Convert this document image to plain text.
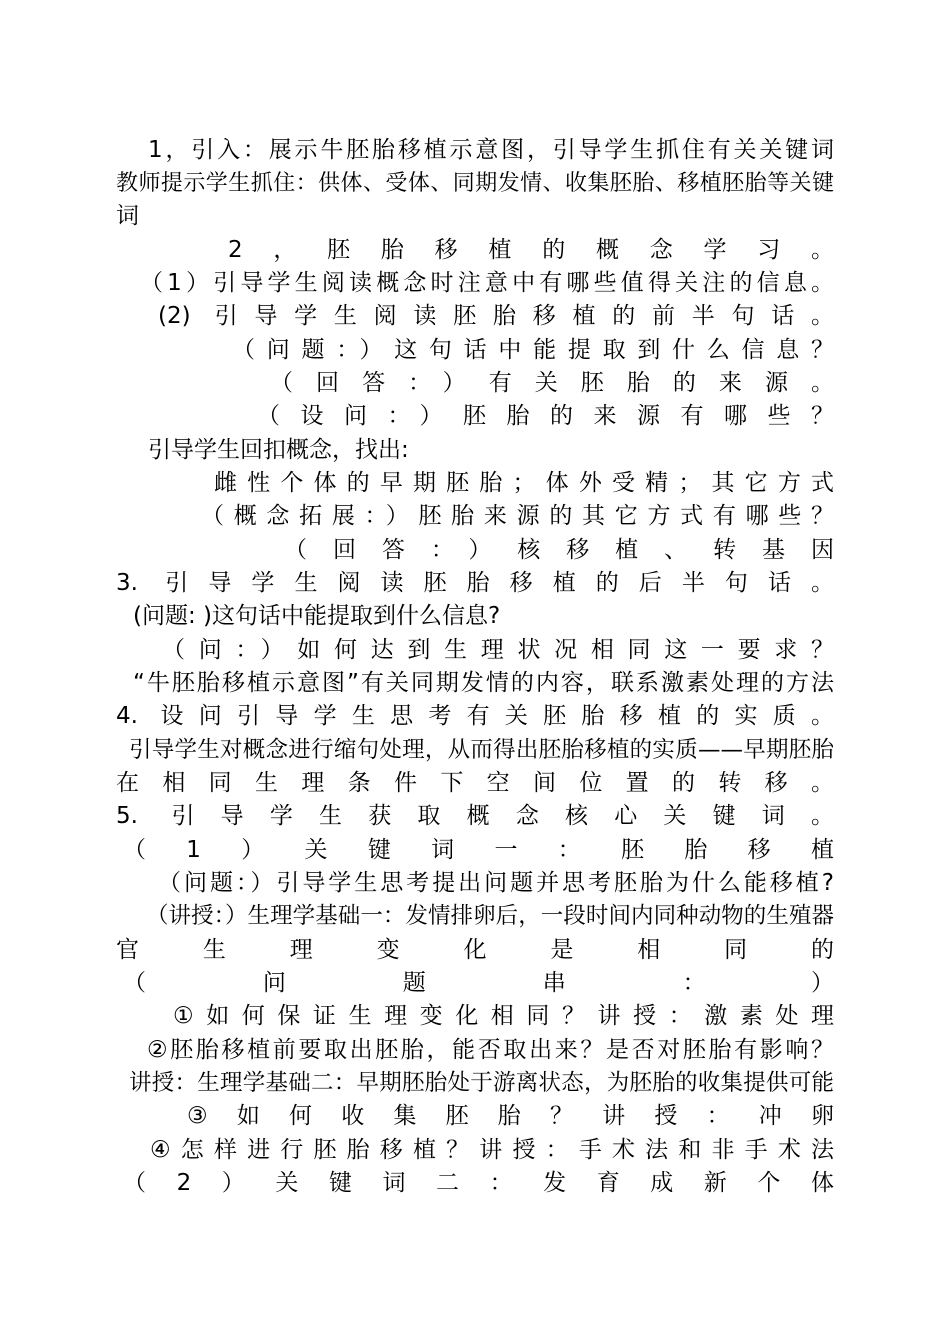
1，引入：展示牛胚胎移植示意图，引导学生抓住有关关键词
教师提示学生抓住：供体、受体、同期发情、收集胚胎、移植胚胎等关键
词
2，胚胎移植的概念学习。
（1）引导学生阅读概念时注意中有哪些值得关注的信息。
(2) 引导学生阅读胚胎移植的前半句话。
（问题：）这句话中能提取到什么信息？
（回答：）有关胚胎的来源。
（设问：）胚胎的来源有哪些？
引导学生回扣概念，找出:
雌性个体的早期胚胎；体外受精；其它方式
（概念拓展：）胚胎来源的其它方式有哪些？
（回答：）核移植、转基因
3. 引导学生阅读胚胎移植的后半句话。
(问题: )这句话中能提取到什么信息?
（问：）如何达到生理状况相同这一要求？
“牛胚胎移植示意图”有关同期发情的内容，联系激素处理的方法
4. 设问引导学生思考有关胚胎移植的实质。
引导学生对概念进行缩句处理，从而得出胚胎移植的实质——早期胚胎
在相同生理条件下空间位置的转移。
5. 引导学生获取概念核心关键词。
（1）关键词一：胚胎移植
（问题：）引导学生思考提出问题并思考胚胎为什么能移植?
（讲授：）生理学基础一：发情排卵后，一段时间内同种动物的生殖器
官生理变化是相同的
（问题串：）
①如何保证生理变化相同？讲授：激素处理
②胚胎移植前要取出胚胎，能否取出来？是否对胚胎有影响？
讲授：生理学基础二：早期胚胎处于游离状态，为胚胎的收集提供可能
③如何收集胚胎？讲授：冲卵
④怎样进行胚胎移植？讲授：手术法和非手术法
（2）关键词二：发育成新个体
